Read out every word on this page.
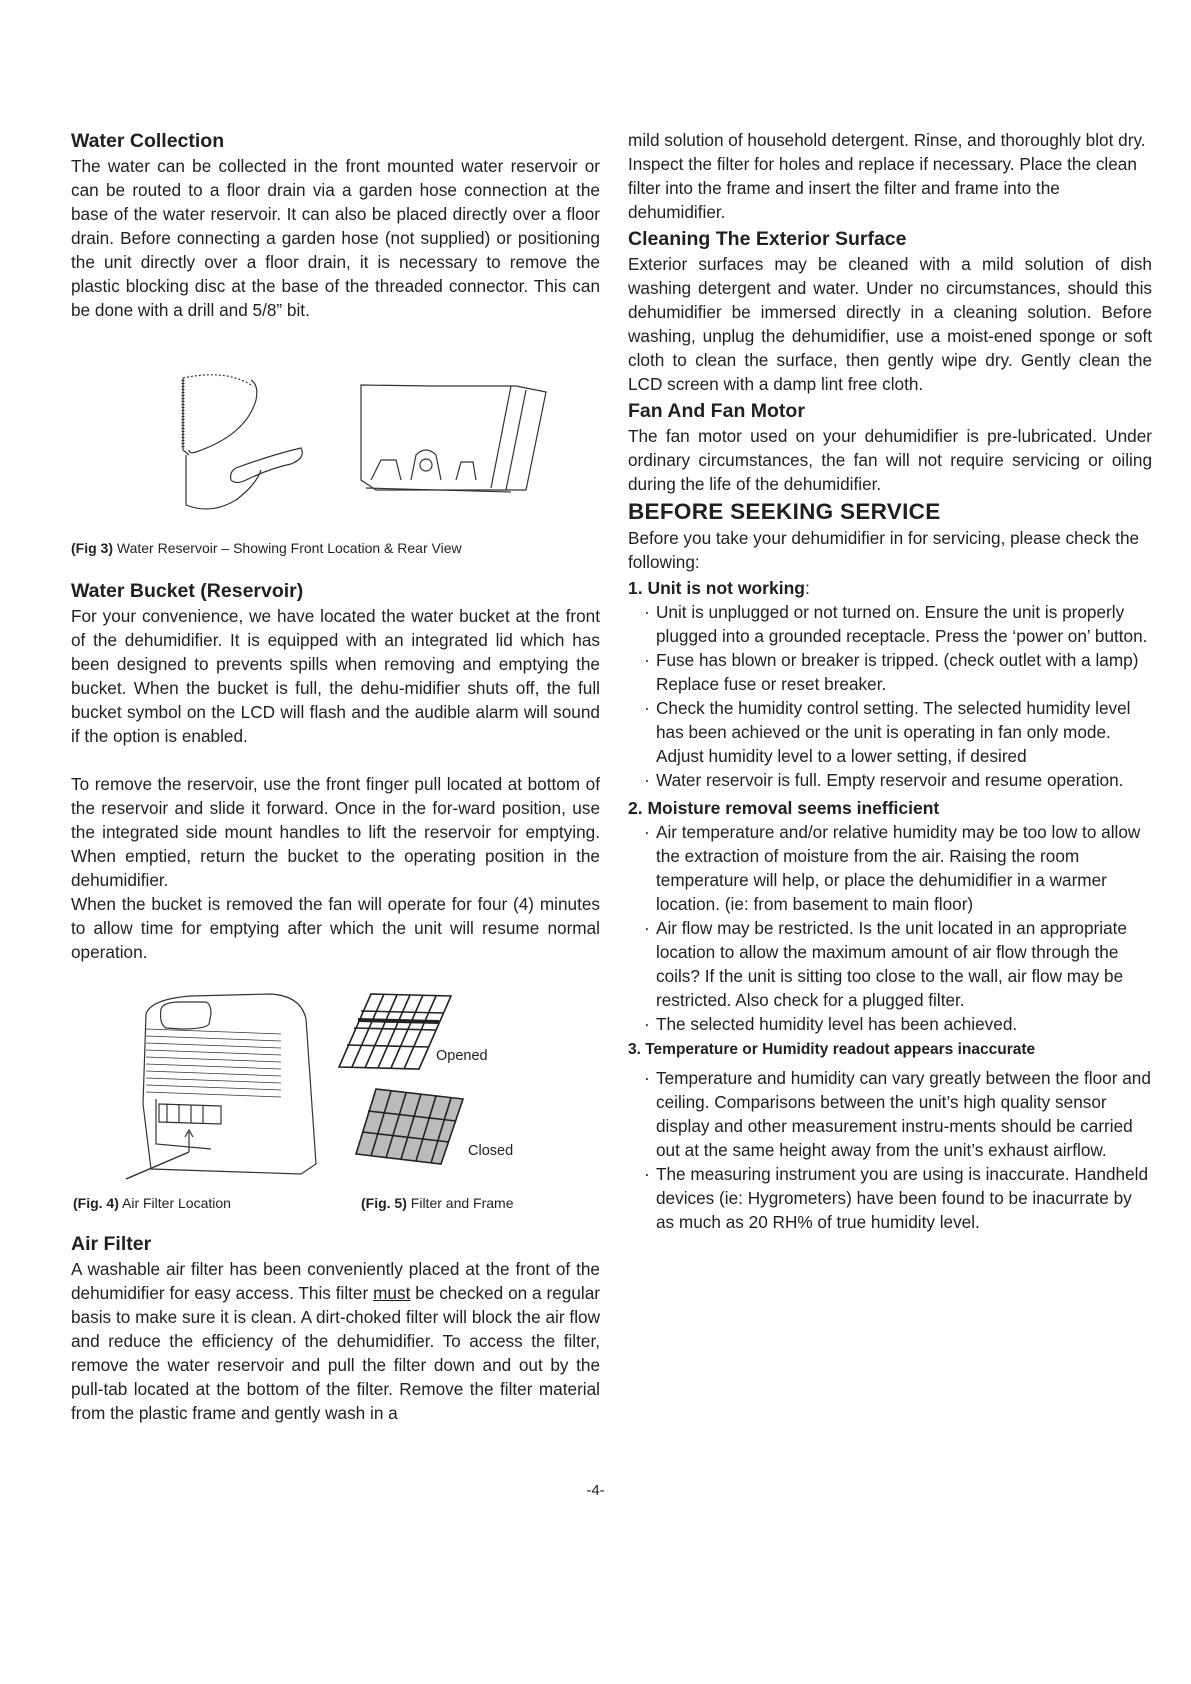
Water Collection

The water can be collected in the front mounted water reservoir or can be routed to a floor drain via a garden hose connection at the base of the water reservoir. It can also be placed directly over a floor drain. Before connecting a garden hose (not supplied) or positioning the unit directly over a floor drain, it is necessary to remove the plastic blocking disc at the base of the threaded connector. This can be done with a drill and 5/8” bit.

(Fig 3) Water Reservoir – Showing Front Location & Rear View

Water Bucket (Reservoir)

For your convenience, we have located the water bucket at the front of the dehumidifier. It is equipped with an integrated lid which has been designed to prevents spills when removing and emptying the bucket. When the bucket is full, the dehu-midifier shuts off, the full bucket symbol on the LCD will flash and the audible alarm will sound if the option is enabled.

To remove the reservoir, use the front finger pull located at bottom of the reservoir and slide it forward. Once in the for-ward position, use the integrated side mount handles to lift the reservoir for emptying. When emptied, return the bucket to the operating position in the dehumidifier.

When the bucket is removed the fan will operate for four (4) minutes to allow time for emptying after which the unit will resume normal operation.

Opened
Closed

(Fig. 4) Air Filter Location	(Fig. 5) Filter and Frame

Air Filter

A washable air filter has been conveniently placed at the front of the dehumidifier for easy access. This filter must be checked on a regular basis to make sure it is clean. A dirt-choked filter will block the air flow and reduce the efficiency of the dehumidifier. To access the filter, remove the water reservoir and pull the filter down and out by the pull-tab located at the bottom of the filter. Remove the filter material from the plastic frame and gently wash in a

mild solution of household detergent. Rinse, and thoroughly blot dry. Inspect the filter for holes and replace if necessary. Place the clean filter into the frame and insert the filter and frame into the dehumidifier.

Cleaning The Exterior Surface

Exterior surfaces may be cleaned with a mild solution of dish washing detergent and water. Under no circumstances, should this dehumidifier be immersed directly in a cleaning solution. Before washing, unplug the dehumidifier, use a moist-ened sponge or soft cloth to clean the surface, then gently wipe dry. Gently clean the LCD screen with a damp lint free cloth.

Fan And Fan Motor

The fan motor used on your dehumidifier is pre-lubricated. Under ordinary circumstances, the fan will not require servicing or oiling during the life of the dehumidifier.

BEFORE SEEKING SERVICE

Before you take your dehumidifier in for servicing, please check the following:

1. Unit is not working:
· Unit is unplugged or not turned on. Ensure the unit is properly plugged into a grounded receptacle. Press the ‘power on’ button.
· Fuse has blown or breaker is tripped. (check outlet with a lamp) Replace fuse or reset breaker.
· Check the humidity control setting. The selected humidity level has been achieved or the unit is operating in fan only mode. Adjust humidity level to a lower setting, if desired
· Water reservoir is full. Empty reservoir and resume operation.
2. Moisture removal seems inefficient
· Air temperature and/or relative humidity may be too low to allow the extraction of moisture from the air. Raising the room temperature will help, or place the dehumidifier in a warmer location. (ie: from basement to main floor)
· Air flow may be restricted. Is the unit located in an appropriate location to allow the maximum amount of air flow through the coils? If the unit is sitting too close to the wall, air flow may be restricted. Also check for a plugged filter.
· The selected humidity level has been achieved.
3. Temperature or Humidity readout appears inaccurate
· Temperature and humidity can vary greatly between the floor and ceiling. Comparisons between the unit’s high quality sensor display and other measurement instru-ments should be carried out at the same height away from the unit’s exhaust airflow.
· The measuring instrument you are using is inaccurate. Handheld devices (ie: Hygrometers) have been found to be inacurrate by as much as 20 RH% of true humidity level.
-4-
